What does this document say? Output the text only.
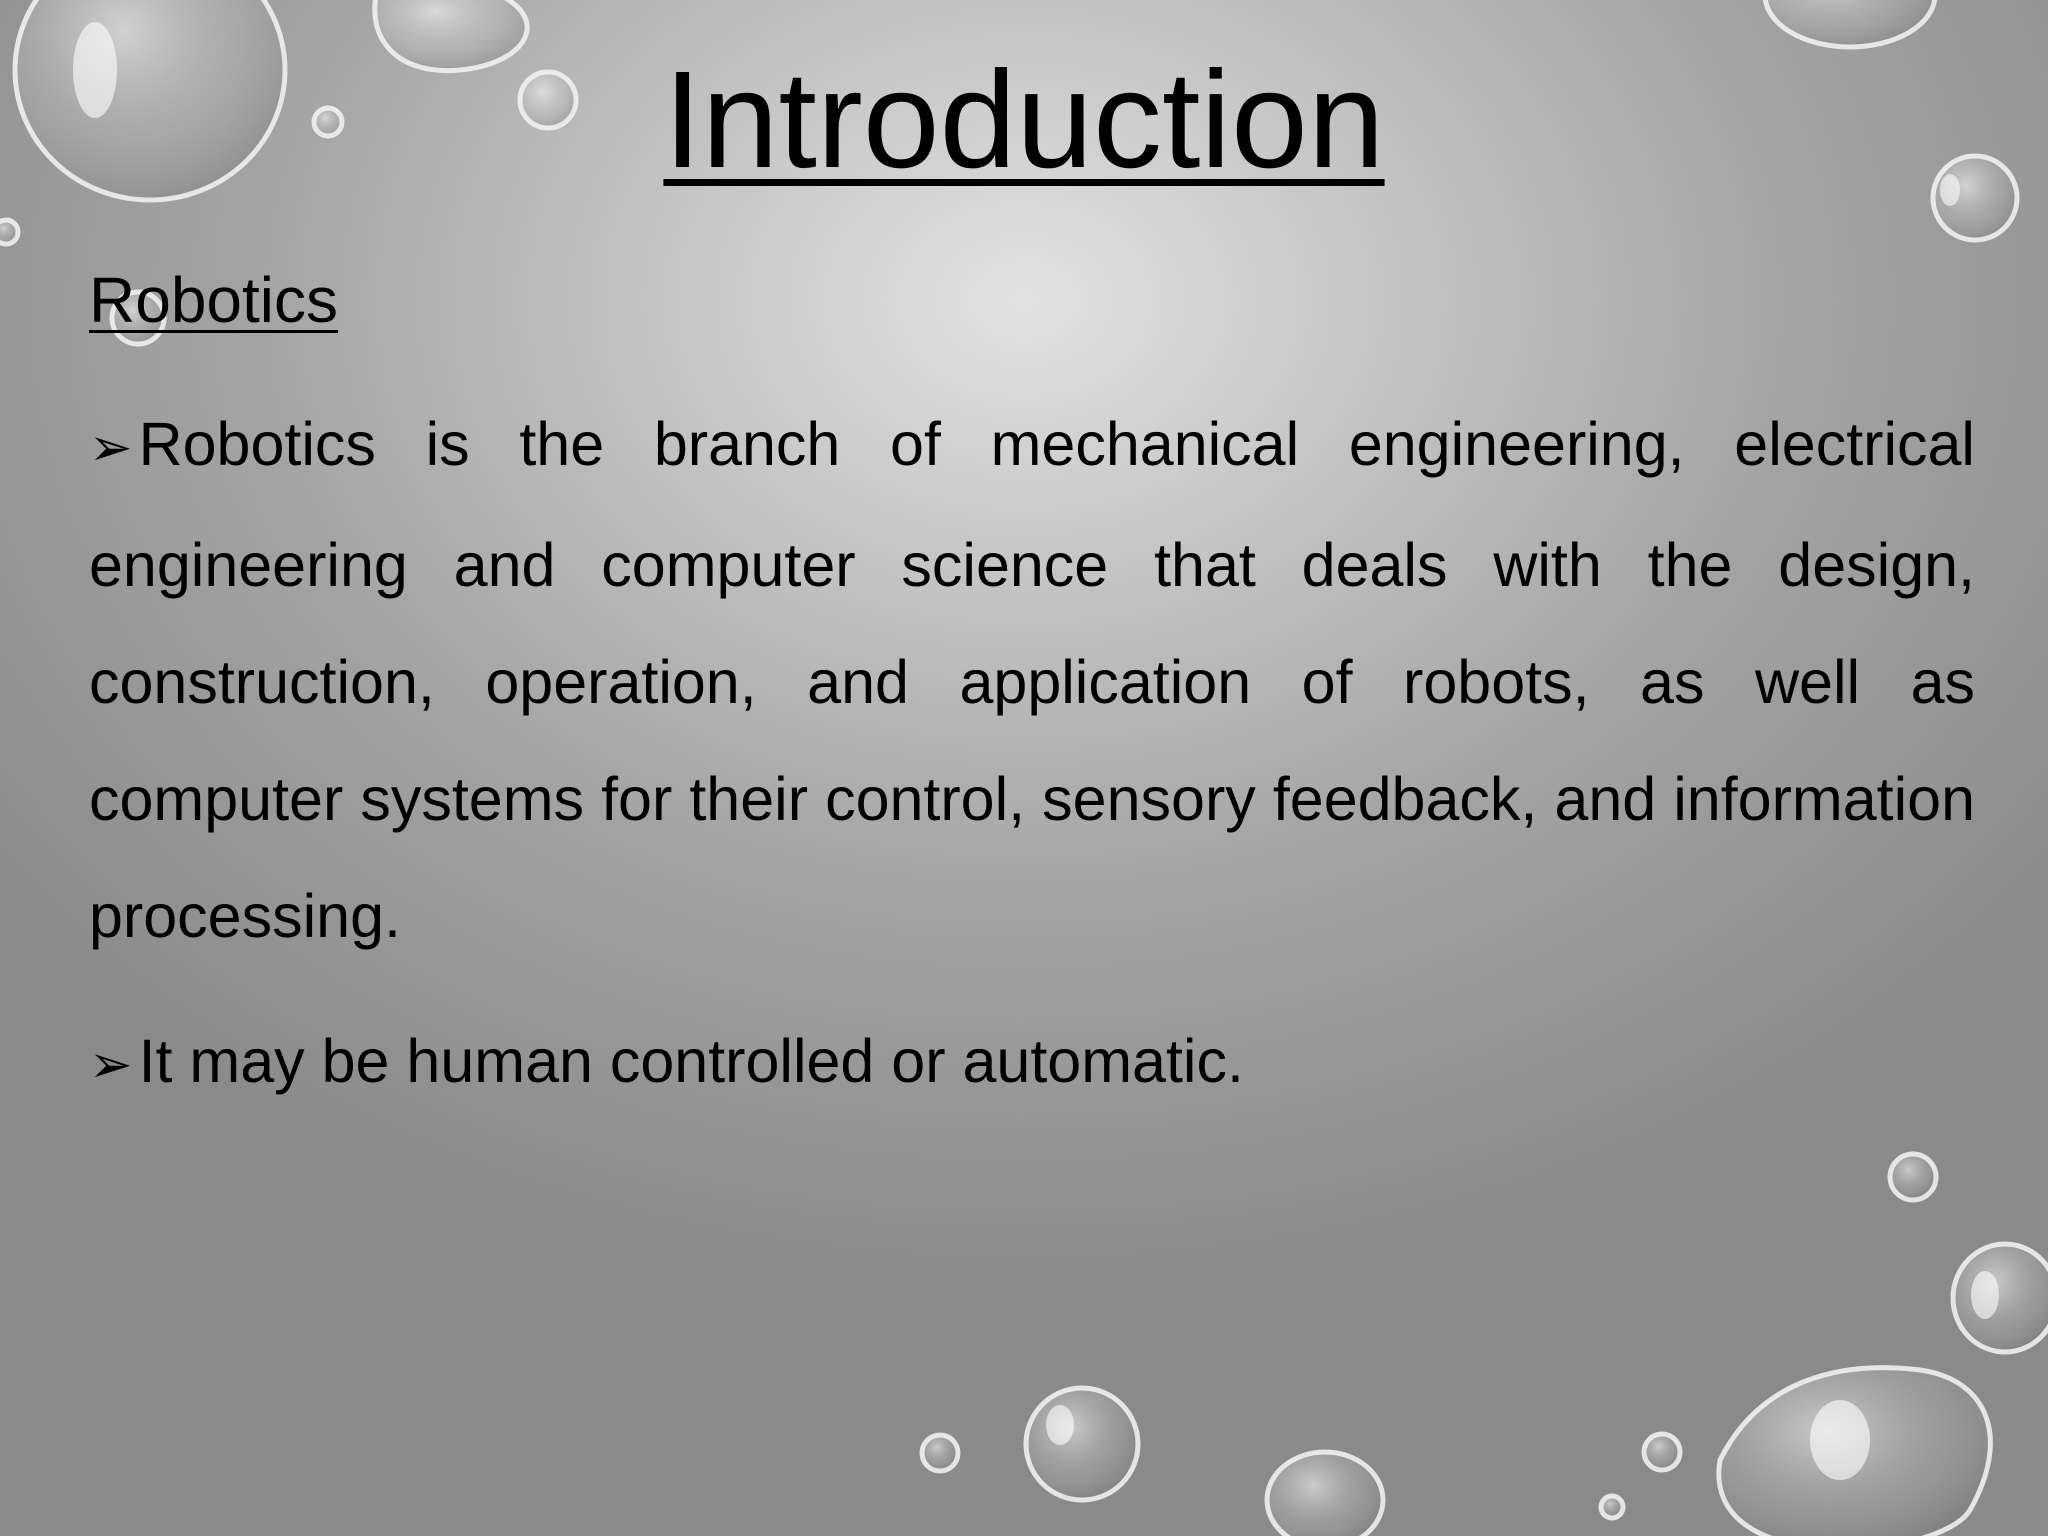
Introduction
Robotics
➢Robotics is the branch of mechanical engineering, electrical engineering and computer science that deals with the design, construction, operation, and application of robots, as well as computer systems for their control, sensory feedback, and information processing.
➢It may be human controlled or automatic.
